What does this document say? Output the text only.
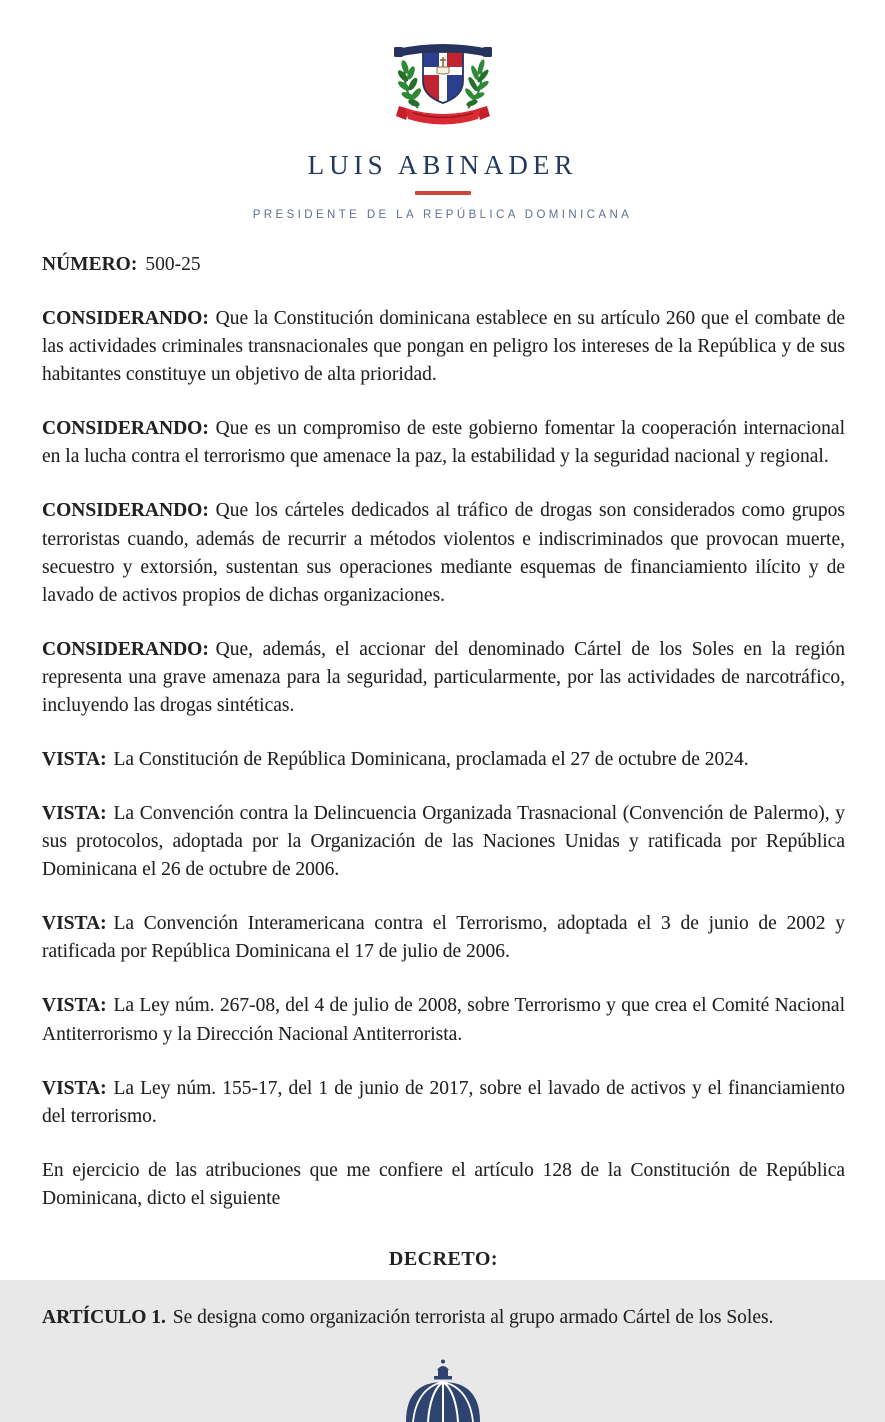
LUIS ABINADER
PRESIDENTE DE LA REPÚBLICA DOMINICANA

NÚMERO: 500-25

CONSIDERANDO: Que la Constitución dominicana establece en su artículo 260 que el combate de las actividades criminales transnacionales que pongan en peligro los intereses de la República y de sus habitantes constituye un objetivo de alta prioridad.

CONSIDERANDO: Que es un compromiso de este gobierno fomentar la cooperación internacional en la lucha contra el terrorismo que amenace la paz, la estabilidad y la seguridad nacional y regional.

CONSIDERANDO: Que los cárteles dedicados al tráfico de drogas son considerados como grupos terroristas cuando, además de recurrir a métodos violentos e indiscriminados que provocan muerte, secuestro y extorsión, sustentan sus operaciones mediante esquemas de financiamiento ilícito y de lavado de activos propios de dichas organizaciones.

CONSIDERANDO: Que, además, el accionar del denominado Cártel de los Soles en la región representa una grave amenaza para la seguridad, particularmente, por las actividades de narcotráfico, incluyendo las drogas sintéticas.

VISTA: La Constitución de República Dominicana, proclamada el 27 de octubre de 2024.

VISTA: La Convención contra la Delincuencia Organizada Trasnacional (Convención de Palermo), y sus protocolos, adoptada por la Organización de las Naciones Unidas y ratificada por República Dominicana el 26 de octubre de 2006.

VISTA: La Convención Interamericana contra el Terrorismo, adoptada el 3 de junio de 2002 y ratificada por República Dominicana el 17 de julio de 2006.

VISTA: La Ley núm. 267-08, del 4 de julio de 2008, sobre Terrorismo y que crea el Comité Nacional Antiterrorismo y la Dirección Nacional Antiterrorista.

VISTA: La Ley núm. 155-17, del 1 de junio de 2017, sobre el lavado de activos y el financiamiento del terrorismo.

En ejercicio de las atribuciones que me confiere el artículo 128 de la Constitución de República Dominicana, dicto el siguiente

DECRETO:

ARTÍCULO 1. Se designa como organización terrorista al grupo armado Cártel de los Soles.
